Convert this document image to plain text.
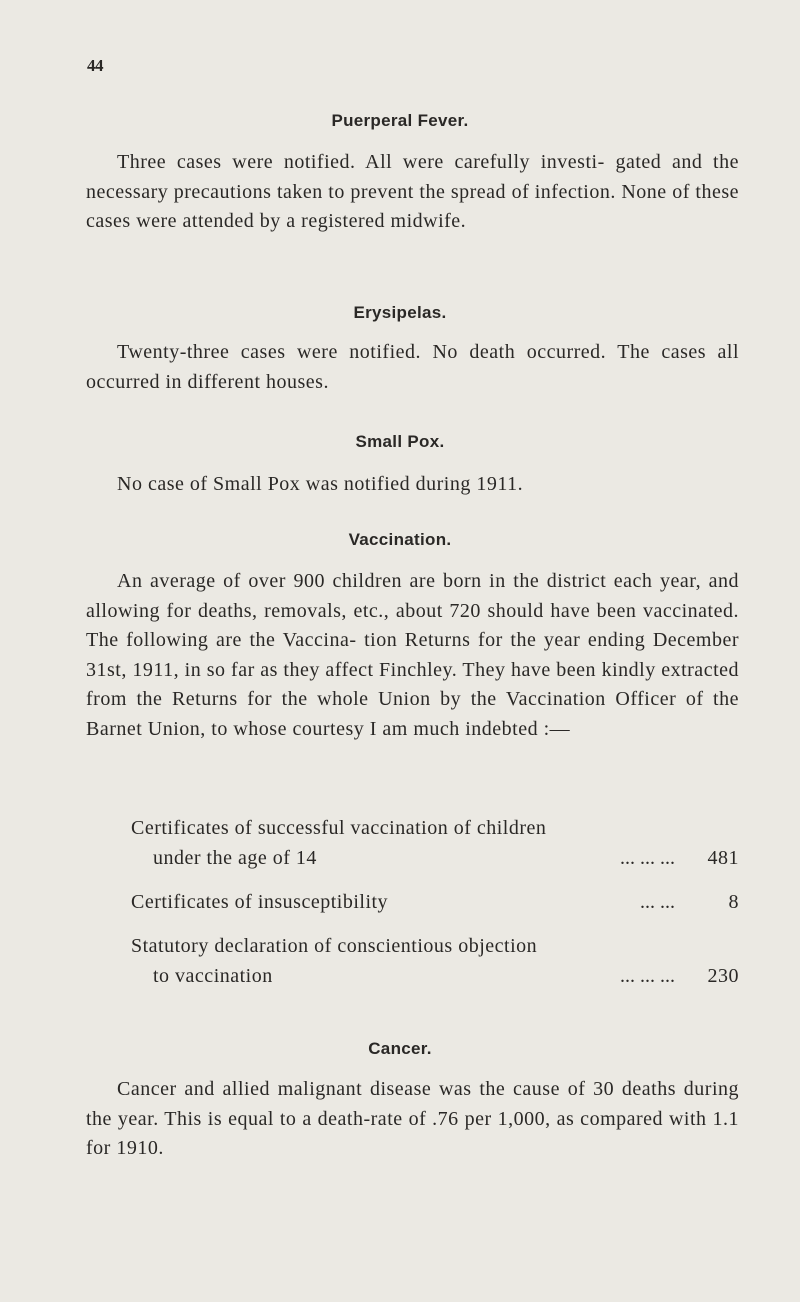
44
Puerperal Fever.

Three cases were notified. All were carefully investi- gated and the necessary precautions taken to prevent the spread of infection. None of these cases were attended by a registered midwife.

Erysipelas.

Twenty-three cases were notified. No death occurred. The cases all occurred in different houses.

Small Pox.

No case of Small Pox was notified during 1911.

Vaccination.

An average of over 900 children are born in the district each year, and allowing for deaths, removals, etc., about 720 should have been vaccinated. The following are the Vaccina- tion Returns for the year ending December 31st, 1911, in so far as they affect Finchley. They have been kindly extracted from the Returns for the whole Union by the Vaccination Officer of the Barnet Union, to whose courtesy I am much indebted :—

Certificates of successful vaccination of children
under the age of 14	... ... ...	481
Certificates of insusceptibility	... ...	8
Statutory declaration of conscientious objection
to vaccination	... ... ...	230
Cancer.

Cancer and allied malignant disease was the cause of 30 deaths during the year. This is equal to a death-rate of .76 per 1,000, as compared with 1.1 for 1910.
